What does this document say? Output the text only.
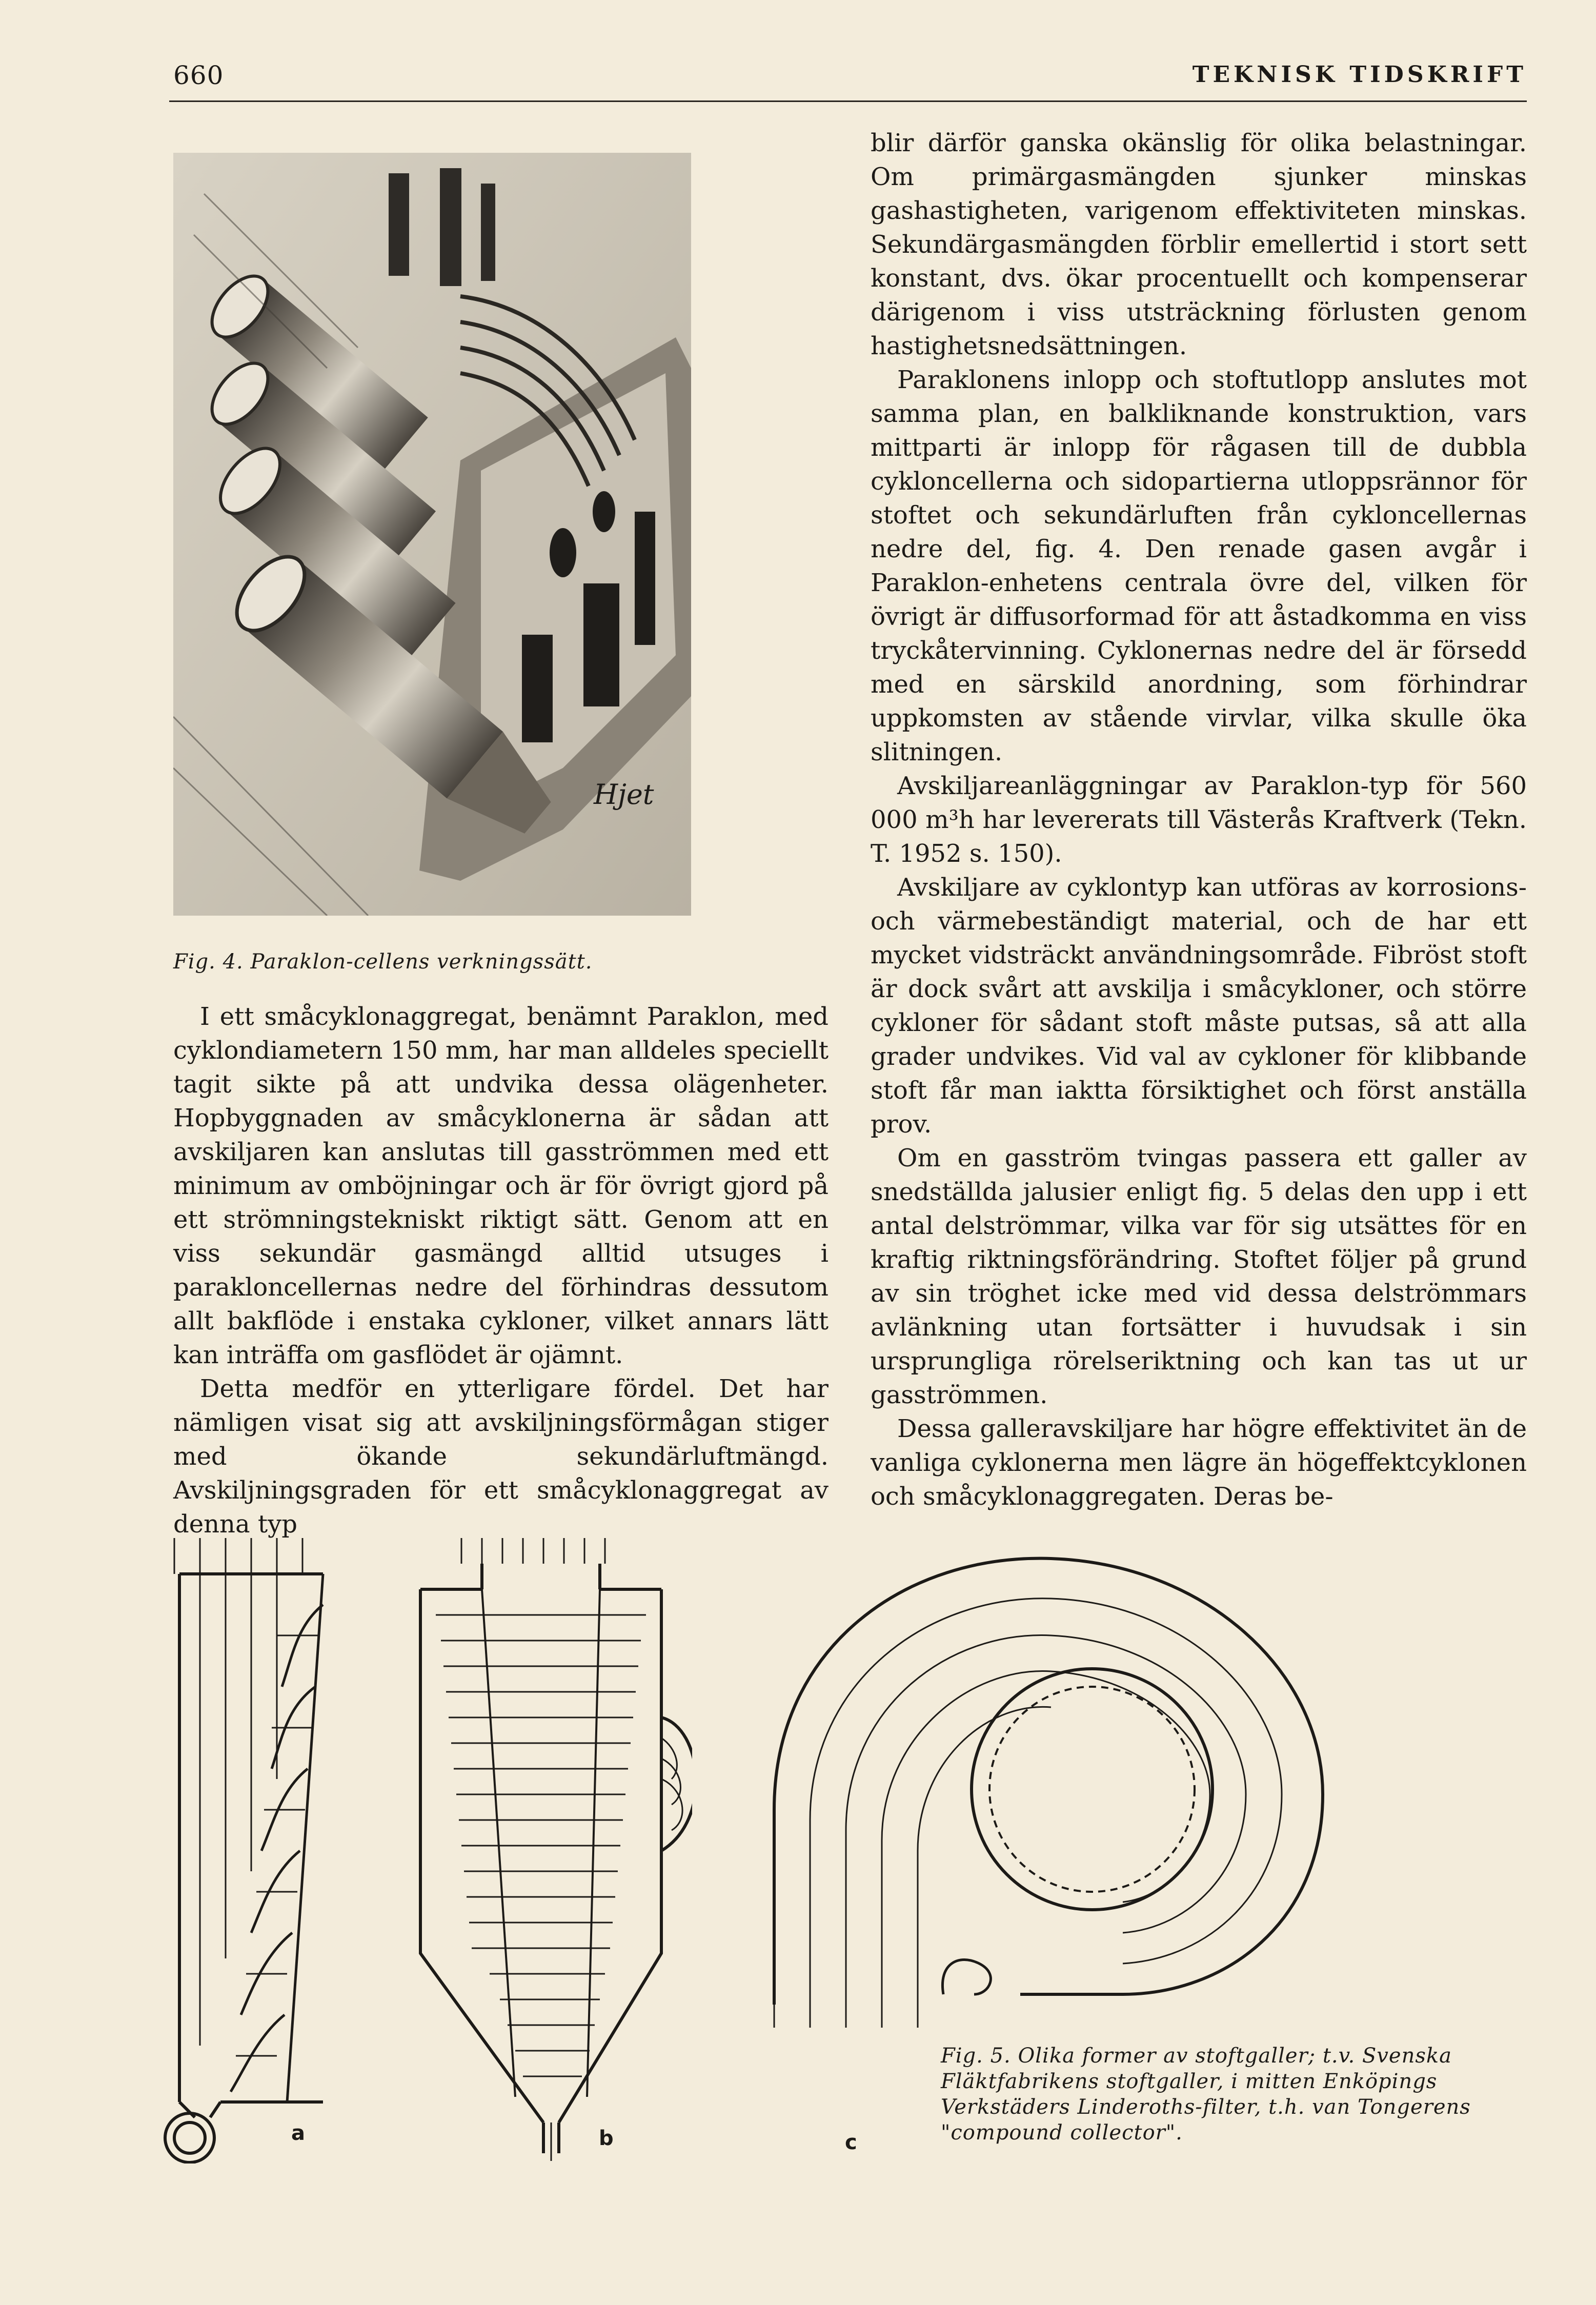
660	TEKNISK TIDSKRIFT
Hjet
Fig. 4. Paraklon-cellens verkningssätt.

blir därför ganska okänslig för olika belastningar. Om primärgasmängden sjunker minskas gashastigheten, varigenom effektiviteten minskas. Sekundärgasmängden förblir emellertid i stort sett konstant, dvs. ökar procentuellt och kompenserar därigenom i viss utsträckning förlusten genom hastighetsnedsättningen.

Paraklonens inlopp och stoftutlopp anslutes mot samma plan, en balkliknande konstruktion, vars mittparti är inlopp för rågasen till de dubbla cykloncellerna och sidopartierna utloppsrännor för stoftet och sekundärluften från cykloncellernas nedre del, fig. 4. Den renade gasen avgår i Paraklon-enhetens centrala övre del, vilken för övrigt är diffusorformad för att åstadkomma en viss tryckåtervinning. Cyklonernas nedre del är försedd med en särskild anordning, som förhindrar uppkomsten av stående virvlar, vilka skulle öka slitningen.

Avskiljareanläggningar av Paraklon-typ för 560 000 m³h har levererats till Västerås Kraftverk (Tekn. T. 1952 s. 150).

Avskiljare av cyklontyp kan utföras av korrosions- och värmebeständigt material, och de har ett mycket vidsträckt användningsområde. Fibröst stoft är dock svårt att avskilja i småcykloner, och större cykloner för sådant stoft måste putsas, så att alla grader undvikes. Vid val av cykloner för klibbande stoft får man iakttа försiktighet och först anställa prov.

Om en gasström tvingas passera ett galler av snedställda jalusier enligt fig. 5 delas den upp i ett antal delströmmar, vilka var för sig utsättes för en kraftig riktningsförändring. Stoftet följer på grund av sin tröghet icke med vid dessa delströmmars avlänkning utan fortsätter i huvudsak i sin ursprungliga rörelseriktning och kan tas ut ur gasströmmen.

Dessa galleravskiljare har högre effektivitet än de vanliga cyklonerna men lägre än högeffektcyklonen och småcyklonaggregaten. Deras be-

I ett småcyklonaggregat, benämnt Paraklon, med cyklondiametern 150 mm, har man alldeles speciellt tagit sikte på att undvika dessa olägenheter. Hopbyggnaden av småcyklonerna är sådan att avskiljaren kan anslutas till gasströmmen med ett minimum av omböjningar och är för övrigt gjord på ett strömningstekniskt riktigt sätt. Genom att en viss sekundär gasmängd alltid utsuges i parakloncellernas nedre del förhindras dessutom allt bakflöde i enstaka cykloner, vilket annars lätt kan inträffa om gasflödet är ojämnt.

Detta medför en ytterligare fördel. Det har nämligen visat sig att avskiljningsförmågan stiger med ökande sekundärluftmängd. Avskiljningsgraden för ett småcyklonaggregat av denna typ

a	b	c
Fig. 5. Olika former av stoftgaller; t.v. Svenska Fläktfabrikens stoftgaller, i mitten Enköpings Verkstäders Linderoths-filter, t.h. van Tongerens "compound collector".
